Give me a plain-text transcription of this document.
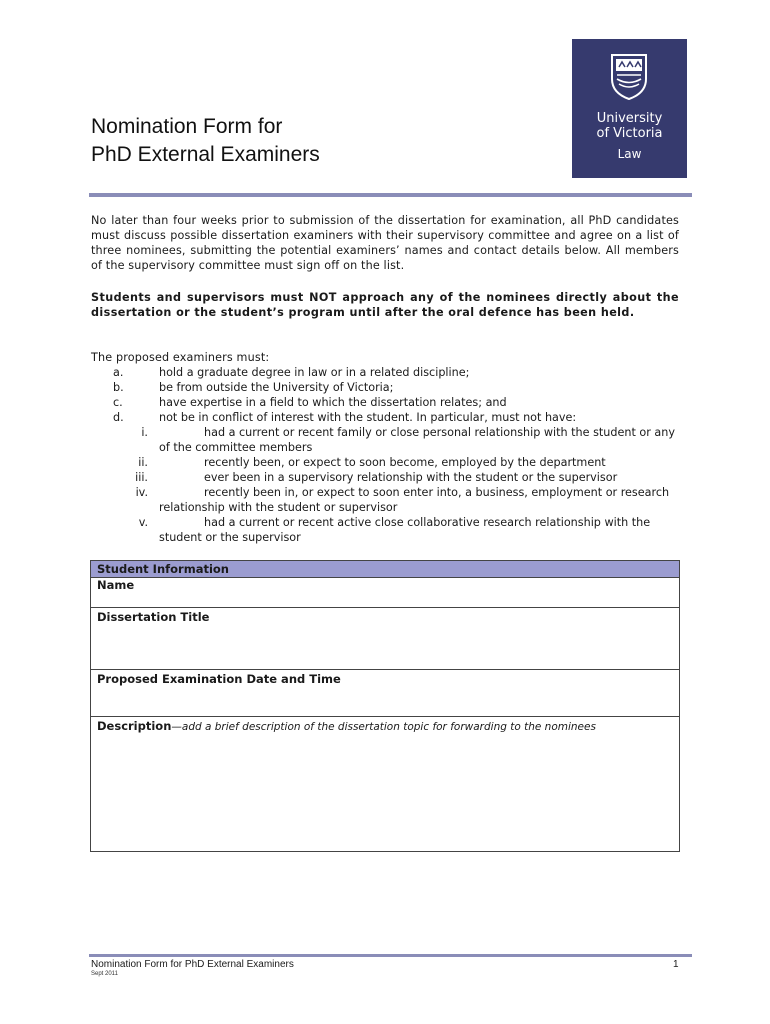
Nomination Form for
PhD External Examiners
University
of Victoria
Law
No later than four weeks prior to submission of the dissertation for examination, all PhD candidates must discuss possible dissertation examiners with their supervisory committee and agree on a list of three nominees, submitting the potential examiners’ names and contact details below. All members of the supervisory committee must sign off on the list.
Students and supervisors must NOT approach any of the nominees directly about the dissertation or the student’s program until after the oral defence has been held.
The proposed examiners must:
a.	hold a graduate degree in law or in a related discipline;
b.	be from outside the University of Victoria;
c.	have expertise in a field to which the dissertation relates; and
d.	not be in conflict of interest with the student. In particular, must not have:
i.	had a current or recent family or close personal relationship with the student or any of the committee members
ii.	recently been, or expect to soon become, employed by the department
iii.	ever been in a supervisory relationship with the student or the supervisor
iv.	recently been in, or expect to soon enter into, a business, employment or research relationship with the student or supervisor
v.	had a current or recent active close collaborative research relationship with the student or the supervisor
Student Information
Name
Dissertation Title
Proposed Examination Date and Time
Description—add a brief description of the dissertation topic for forwarding to the nominees
Nomination Form for PhD External Examiners
Sept 2011
1
